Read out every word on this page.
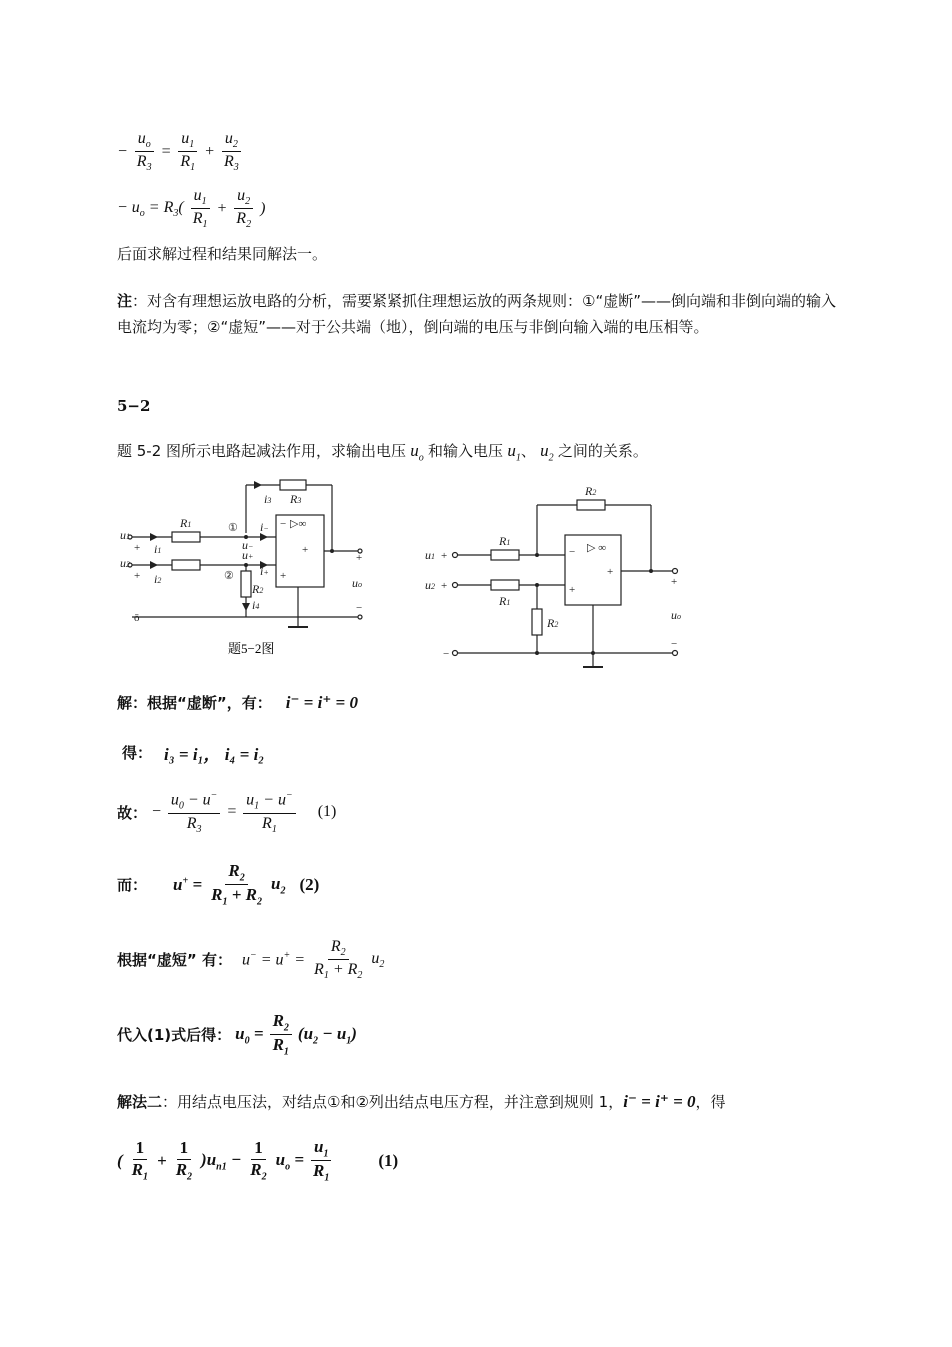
− $\frac{u_o}{R_3} = \frac{u_1}{R_1} + \frac{u_2}{R_3}$
− $u_o = R_3( \frac{u_1}{R_1} + \frac{u_2}{R_2}$ )
后面求解过程和结果同解法一。
注：对含有理想运放电路的分析，需要紧紧抓住理想运放的两条规则：①“虚断”——倒向端和非倒向端的输入电流均为零；②“虚短”——对于公共端（地），倒向端的电压与非倒向输入端的电压相等。
5−2
题 5-2 图所示电路起减法作用，求输出电压 $u_o$ 和输入电压 $u_1$、 $u_2$ 之间的关系。
R3
i3
R1
u1
u2
i1
i2
i−
u−
u+
i+
R2
i4
uo
①
②
− ▷∞
+
+
+
+
+
−
ō
题5−2图
R2
R1
R1
R2
u1
u2
uo
+
+
−
− ▷ ∞
+
+
+
−
解：根据“虚断”，有： i⁻ = i⁺ = 0
得： i₃ = i₁， i₄ = i₂
故： − $\frac{u_0 - u^-}{R_3} = \frac{u_1 - u^-}{R_1} (1)$
而： $u^+ = \frac{R_2}{R_1 + R_2} u_2$ (2)
根据“虚短” 有： $u^- = u^+ = \frac{R_2}{R_1 + R_2} u_2$
代入(1)式后得： $u_0 = \frac{R_2}{R_1} (u_2 - u_1)$
解法二：用结点电压法，对结点①和②列出结点电压方程，并注意到规则 1，i⁻ = i⁺ = 0，得
( $\frac{1}{R_1} + \frac{1}{R_2} )u_{n1} - \frac{1}{R_2} u_o = \frac{u_1}{R_1}$	(1)
